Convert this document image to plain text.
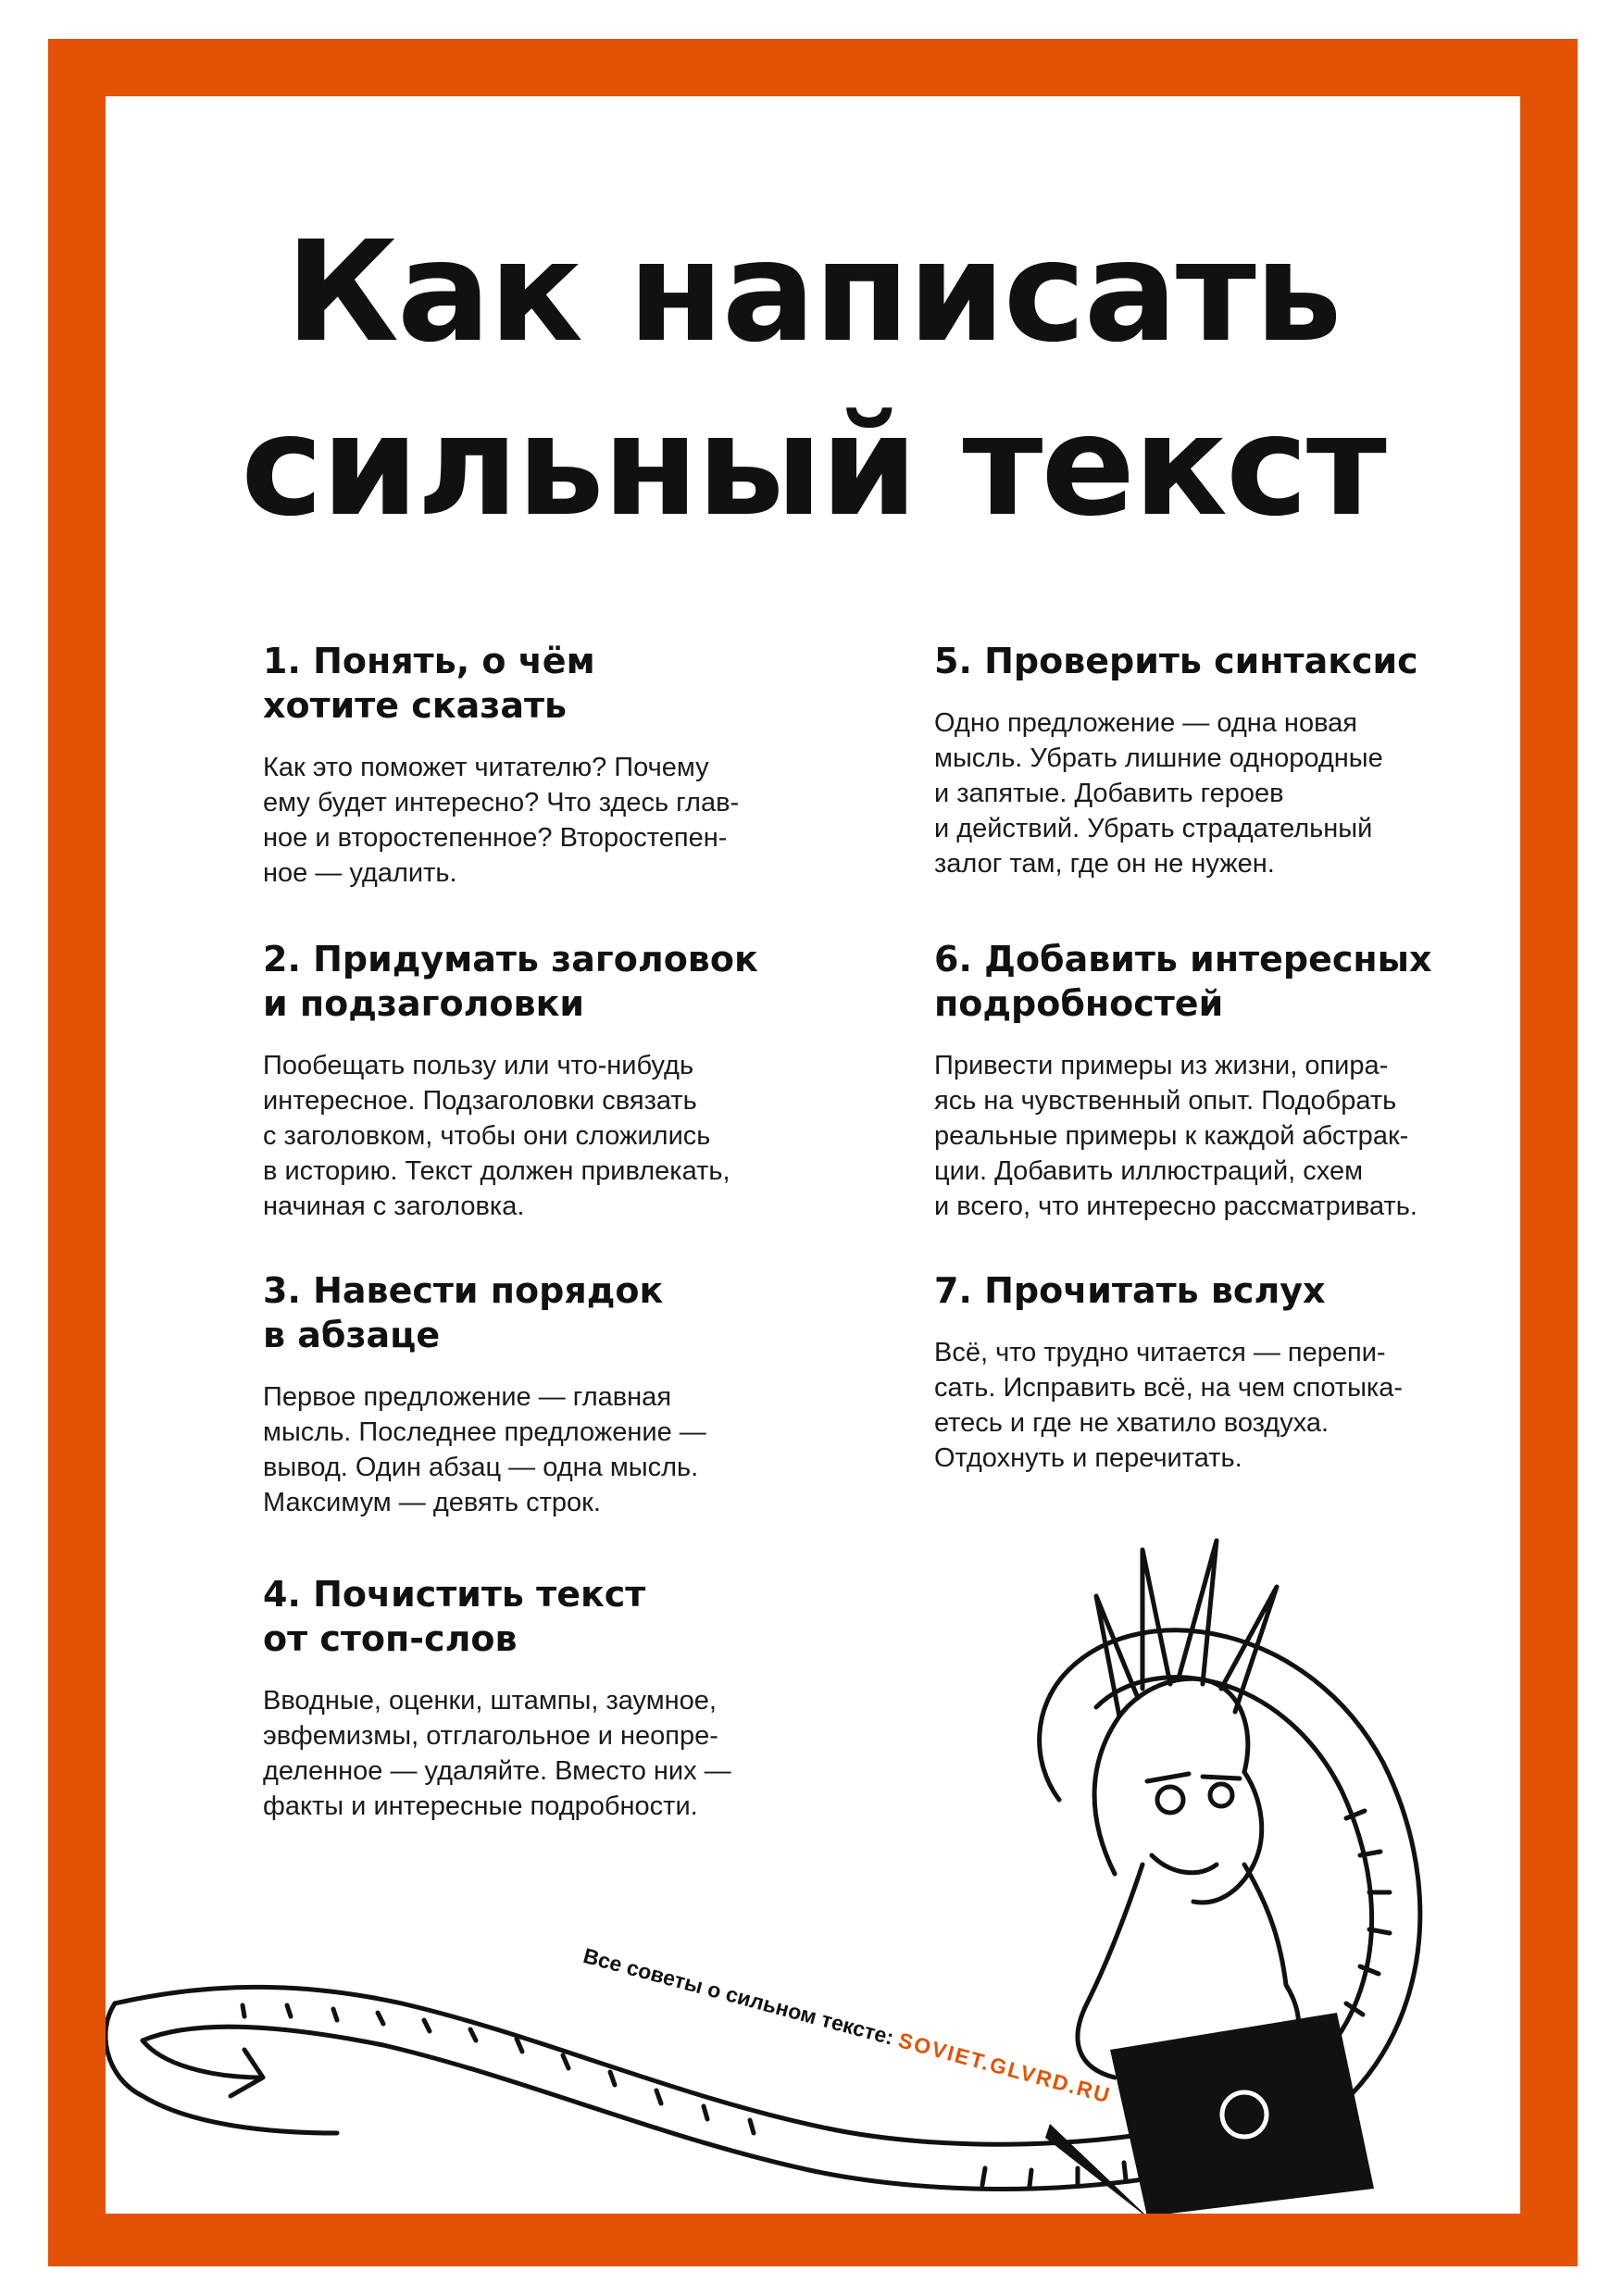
Как написать
сильный текст
1. Понять, о чём
хотите сказать

Как это поможет читателю? Почему
ему будет интересно? Что здесь глав-
ное и второстепенное? Второстепен-
ное — удалить.

2. Придумать заголовок
и подзаголовки

Пообещать пользу или что-нибудь
интересное. Подзаголовки связать
с заголовком, чтобы они сложились
в историю. Текст должен привлекать,
начиная с заголовка.

3. Навести порядок
в абзаце

Первое предложение — главная
мысль. Последнее предложение —
вывод. Один абзац — одна мысль.
Максимум — девять строк.

4. Почистить текст
от стоп-слов

Вводные, оценки, штампы, заумное,
эвфемизмы, отглагольное и неопре-
деленное — удаляйте. Вместо них —
факты и интересные подробности.

5. Проверить синтаксис

Одно предложение — одна новая
мысль. Убрать лишние однородные
и запятые. Добавить героев
и действий. Убрать страдательный
залог там, где он не нужен.

6. Добавить интересных
подробностей

Привести примеры из жизни, опира-
ясь на чувственный опыт. Подобрать
реальные примеры к каждой абстрак-
ции. Добавить иллюстраций, схем
и всего, что интересно рассматривать.

7. Прочитать вслух

Всё, что трудно читается — перепи-
сать. Исправить всё, на чем спотыка-
етесь и где не хватило воздуха.
Отдохнуть и перечитать.

Все советы о сильном тексте: SOVIET.GLVRD.RU
